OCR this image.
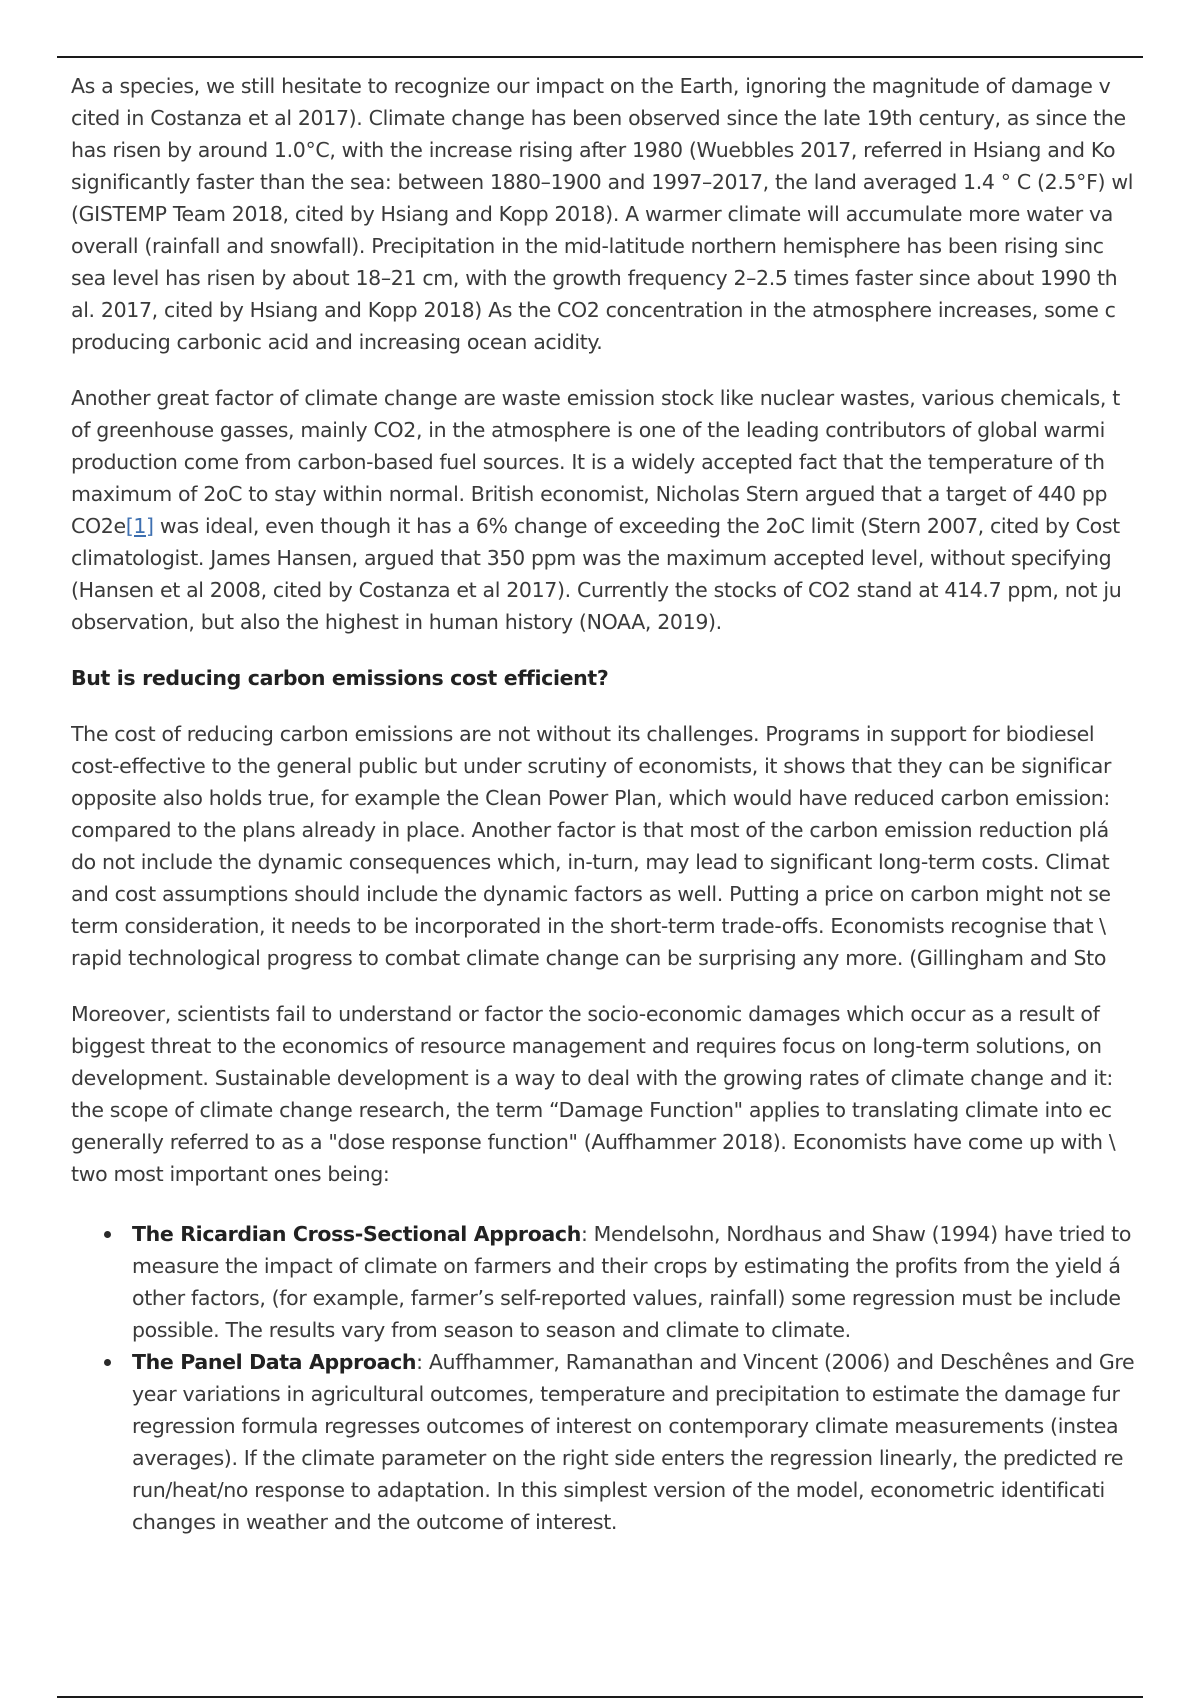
As a species, we still hesitate to recognize our impact on the Earth, ignoring the magnitude of damage v
cited in Costanza et al 2017). Climate change has been observed since the late 19th century, as since the
has risen by around 1.0°C, with the increase rising after 1980 (Wuebbles 2017, referred in Hsiang and Ko
significantly faster than the sea: between 1880–1900 and 1997–2017, the land averaged 1.4 ° C (2.5°F) wl
(GISTEMP Team 2018, cited by Hsiang and Kopp 2018). A warmer climate will accumulate more water va
overall (rainfall and snowfall). Precipitation in the mid-latitude northern hemisphere has been rising sinc
sea level has risen by about 18–21 cm, with the growth frequency 2–2.5 times faster since about 1990 th
al. 2017, cited by Hsiang and Kopp 2018) As the CO2 concentration in the atmosphere increases, some c
producing carbonic acid and increasing ocean acidity.
Another great factor of climate change are waste emission stock like nuclear wastes, various chemicals, t
of greenhouse gasses, mainly CO2, in the atmosphere is one of the leading contributors of global warmi
production come from carbon-based fuel sources. It is a widely accepted fact that the temperature of th
maximum of 2oC to stay within normal. British economist, Nicholas Stern argued that a target of 440 pp
CO2e[1] was ideal, even though it has a 6% change of exceeding the 2oC limit (Stern 2007, cited by Cost
climatologist. James Hansen, argued that 350 ppm was the maximum accepted level, without specifying
(Hansen et al 2008, cited by Costanza et al 2017). Currently the stocks of CO2 stand at 414.7 ppm, not ju
observation, but also the highest in human history (NOAA, 2019).
But is reducing carbon emissions cost efficient?
The cost of reducing carbon emissions are not without its challenges. Programs in support for biodiesel
cost-effective to the general public but under scrutiny of economists, it shows that they can be significar
opposite also holds true, for example the Clean Power Plan, which would have reduced carbon emission:
compared to the plans already in place. Another factor is that most of the carbon emission reduction plá
do not include the dynamic consequences which, in-turn, may lead to significant long-term costs. Climat
and cost assumptions should include the dynamic factors as well. Putting a price on carbon might not se
term consideration, it needs to be incorporated in the short-term trade-offs. Economists recognise that \
rapid technological progress to combat climate change can be surprising any more. (Gillingham and Sto
Moreover, scientists fail to understand or factor the socio-economic damages which occur as a result of
biggest threat to the economics of resource management and requires focus on long-term solutions, on
development. Sustainable development is a way to deal with the growing rates of climate change and it:
the scope of climate change research, the term “Damage Function" applies to translating climate into ec
generally referred to as a "dose response function" (Auffhammer 2018). Economists have come up with \
two most important ones being:
The Ricardian Cross-Sectional Approach: Mendelsohn, Nordhaus and Shaw (1994) have tried to
measure the impact of climate on farmers and their crops by estimating the profits from the yield á
other factors, (for example, farmer’s self-reported values, rainfall) some regression must be include
possible. The results vary from season to season and climate to climate.
The Panel Data Approach: Auffhammer, Ramanathan and Vincent (2006) and Deschênes and Gre
year variations in agricultural outcomes, temperature and precipitation to estimate the damage fur
regression formula regresses outcomes of interest on contemporary climate measurements (instea
averages). If the climate parameter on the right side enters the regression linearly, the predicted re
run/heat/no response to adaptation. In this simplest version of the model, econometric identificati
changes in weather and the outcome of interest.
